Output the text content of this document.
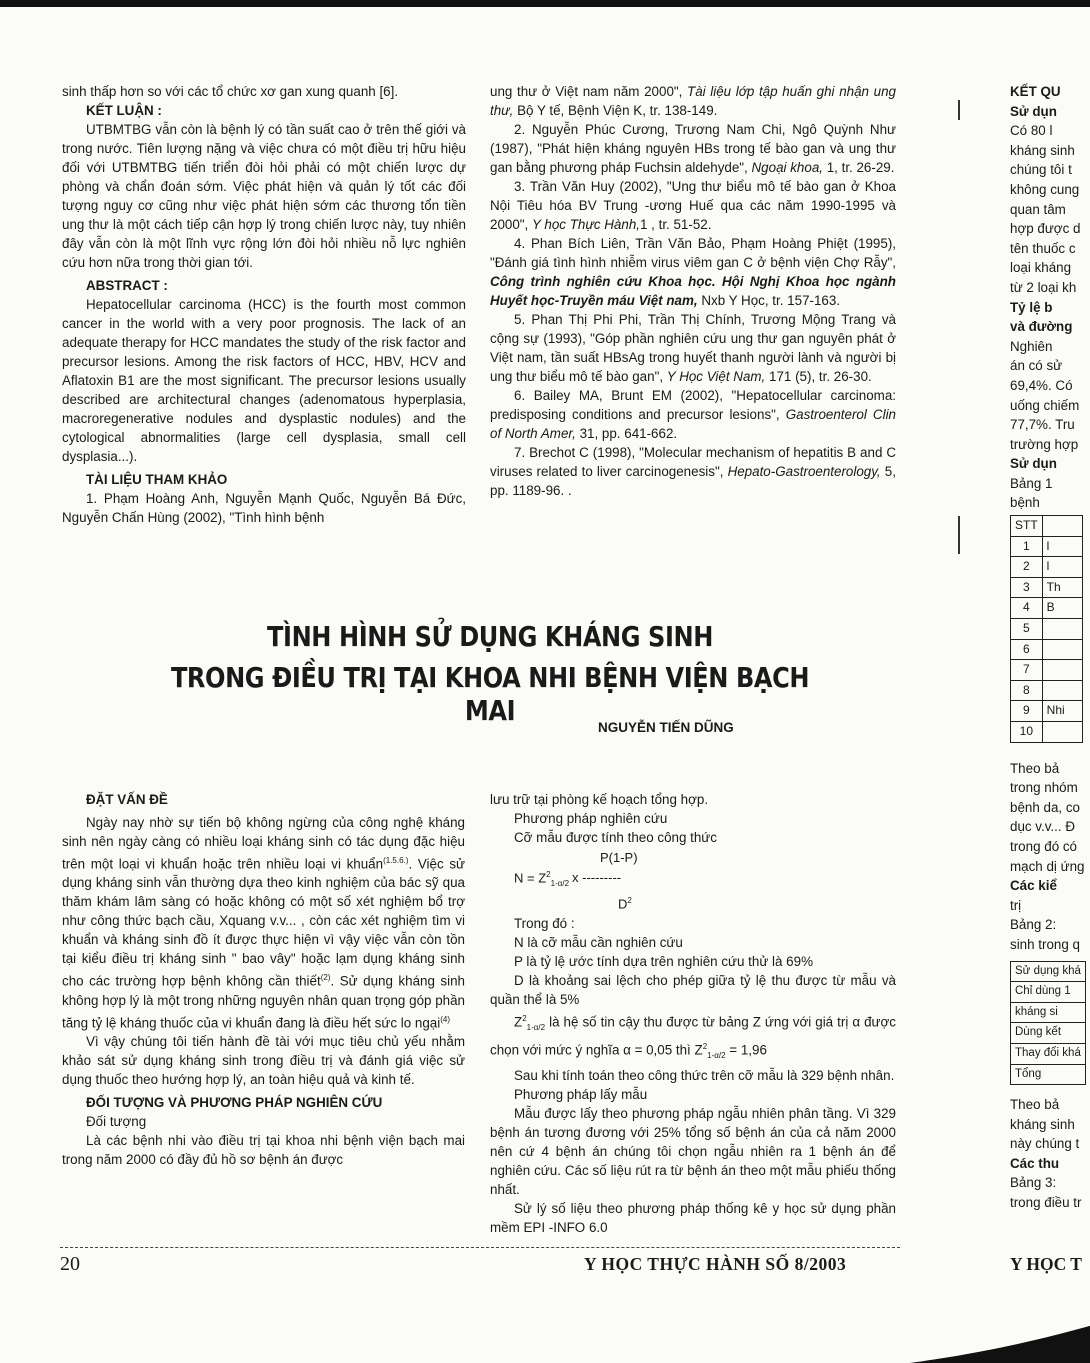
sinh thấp hơn so với các tổ chức xơ gan xung quanh [6].

KẾT LUẬN :

UTBMTBG vẫn còn là bệnh lý có tần suất cao ở trên thế giới và trong nước. Tiên lượng nặng và việc chưa có một điều trị hữu hiệu đối với UTBMTBG tiến triển đòi hỏi phải có một chiến lược dự phòng và chẩn đoán sớm. Việc phát hiện và quản lý tốt các đối tượng nguy cơ cũng như việc phát hiện sớm các thương tổn tiền ung thư là một cách tiếp cận hợp lý trong chiến lược này, tuy nhiên đây vẫn còn là một lĩnh vực rộng lớn đòi hỏi nhiều nỗ lực nghiên cứu hơn nữa trong thời gian tới.

ABSTRACT :

Hepatocellular carcinoma (HCC) is the fourth most common cancer in the world with a very poor prognosis. The lack of an adequate therapy for HCC mandates the study of the risk factor and precursor lesions. Among the risk factors of HCC, HBV, HCV and Aflatoxin B1 are the most significant. The precursor lesions usually described are architectural changes (adenomatous hyperplasia, macroregenerative nodules and dysplastic nodules) and the cytological abnormalities (large cell dysplasia, small cell dysplasia...).

TÀI LIỆU THAM KHẢO

1. Phạm Hoàng Anh, Nguyễn Mạnh Quốc, Nguyễn Bá Đức, Nguyễn Chấn Hùng (2002), "Tình hình bệnh

ung thư ở Việt nam năm 2000", Tài liệu lớp tập huấn ghi nhận ung thư, Bộ Y tế, Bệnh Viện K, tr. 138-149.

2. Nguyễn Phúc Cương, Trương Nam Chi, Ngô Quỳnh Như (1987), "Phát hiện kháng nguyên HBs trong tế bào gan và ung thư gan bằng phương pháp Fuchsin aldehyde", Ngoại khoa, 1, tr. 26-29.

3. Trần Văn Huy (2002), "Ung thư biểu mô tế bào gan ở Khoa Nội Tiêu hóa BV Trung -ương Huế qua các năm 1990-1995 và 2000", Y học Thực Hành,1 , tr. 51-52.

4. Phan Bích Liên, Trần Văn Bảo, Phạm Hoàng Phiệt (1995), "Đánh giá tình hình nhiễm virus viêm gan C ở bệnh viện Chợ Rẫy", Công trình nghiên cứu Khoa học. Hội Nghị Khoa học ngành Huyết học-Truyền máu Việt nam, Nxb Y Học, tr. 157-163.

5. Phan Thị Phi Phi, Trần Thị Chính, Trương Mộng Trang và cộng sự (1993), "Góp phần nghiên cứu ung thư gan nguyên phát ở Việt nam, tần suất HBsAg trong huyết thanh người lành và người bị ung thư biểu mô tế bào gan", Y Học Việt Nam, 171 (5), tr. 26-30.

6. Bailey MA, Brunt EM (2002), "Hepatocellular carcinoma: predisposing conditions and precursor lesions", Gastroenterol Clin of North Amer, 31, pp. 641-662.

7. Brechot C (1998), "Molecular mechanism of hepatitis B and C viruses related to liver carcinogenesis", Hepato-Gastroenterology, 5, pp. 1189-96. .

TÌNH HÌNH SỬ DỤNG KHÁNG SINH
TRONG ĐIỀU TRỊ TẠI KHOA NHI BỆNH VIỆN BẠCH MAI
NGUYỄN TIẾN DŨNG

ĐẶT VẤN ĐỀ

Ngày nay nhờ sự tiến bộ không ngừng của công nghệ kháng sinh nên ngày càng có nhiều loại kháng sinh có tác dụng đặc hiệu trên một loại vi khuẩn hoặc trên nhiều loại vi khuẩn$^{(1.5.6.)}$. Việc sử dụng kháng sinh vẫn thường dựa theo kinh nghiệm của bác sỹ qua thăm khám lâm sàng có hoặc không có một số xét nghiệm bổ trợ như công thức bạch cầu, Xquang v.v... , còn các xét nghiệm tìm vi khuẩn và kháng sinh đồ ít được thực hiện vì vậy việc vẫn còn tồn tại kiểu điều trị kháng sinh " bao vây" hoặc lạm dụng kháng sinh cho các trường hợp bệnh không cần thiết$^{(2)}$. Sử dụng kháng sinh không hợp lý là một trong những nguyên nhân quan trọng góp phần tăng tỷ lệ kháng thuốc của vi khuẩn đang là điều hết sức lo ngại$^{(4)}$

Vì vậy chúng tôi tiến hành đề tài với mục tiêu chủ yếu nhằm khảo sát sử dụng kháng sinh trong điều trị và đánh giá việc sử dụng thuốc theo hướng hợp lý, an toàn hiệu quả và kinh tế.

ĐỐI TƯỢNG VÀ PHƯƠNG PHÁP NGHIÊN CỨU

Đối tượng

Là các bệnh nhi vào điều trị tại khoa nhi bệnh viện bạch mai trong năm 2000 có đầy đủ hồ sơ bệnh án được

lưu trữ tại phòng kế hoạch tổng hợp.

Phương pháp nghiên cứu

Cỡ mẫu được tính theo công thức

P(1-P)
$N = Z^2_{1-\alpha/2}$ x ---------
$D^2$

Trong đó :

N là cỡ mẫu cần nghiên cứu

P là tỷ lệ ước tính dựa trên nghiên cứu thử là 69%

D là khoảng sai lệch cho phép giữa tỷ lệ thu được từ mẫu và quần thể là 5%

$Z^2_{1-\alpha/2}$ là hệ số tin cậy thu được từ bảng Z ứng với giá trị α được chọn với mức ý nghĩa α = 0,05 thì $Z^2_{1-\alpha/2} = 1,96$

Sau khi tính toán theo công thức trên cỡ mẫu là 329 bệnh nhân.

Phương pháp lấy mẫu

Mẫu được lấy theo phương pháp ngẫu nhiên phân tầng. Vì 329 bệnh án tương đương với 25% tổng số bệnh án của cả năm 2000 nên cứ 4 bệnh án chúng tôi chọn ngẫu nhiên ra 1 bệnh án để nghiên cứu. Các số liệu rút ra từ bệnh án theo một mẫu phiếu thống nhất.

Sử lý số liệu theo phương pháp thống kê y học sử dụng phần mềm EPI -INFO 6.0

KẾT QU
Sử dụn
Có 80 l
kháng sinh
chúng tôi t
không cung
quan tâm
hợp được d
tên thuốc c
loại kháng
từ 2 loại kh
Tỷ lệ b
và đường
Nghiên
án có sử
69,4%. Có
uống chiếm
77,7%. Tru
trường hợp
Sử dụn
Bảng 1
bệnh
STT	
1	l
2	l
3	Th
4	B
5	
6	
7	
8	
9	Nhi
10	
Theo bả
trong nhóm
bệnh da, co
dục v.v... Đ
trong đó có
mạch dị ứng
Các kiể
trị
Bảng 2:
sinh trong q
Sử dụng khá
Chỉ dùng 1
kháng si
Dùng kết
Thay đổi khá
Tổng
Theo bả
kháng sinh
này chúng t
Các thu
Bảng 3:
trong điều tr
20	Y HỌC THỰC HÀNH SỐ 8/2003	Y HỌC T
